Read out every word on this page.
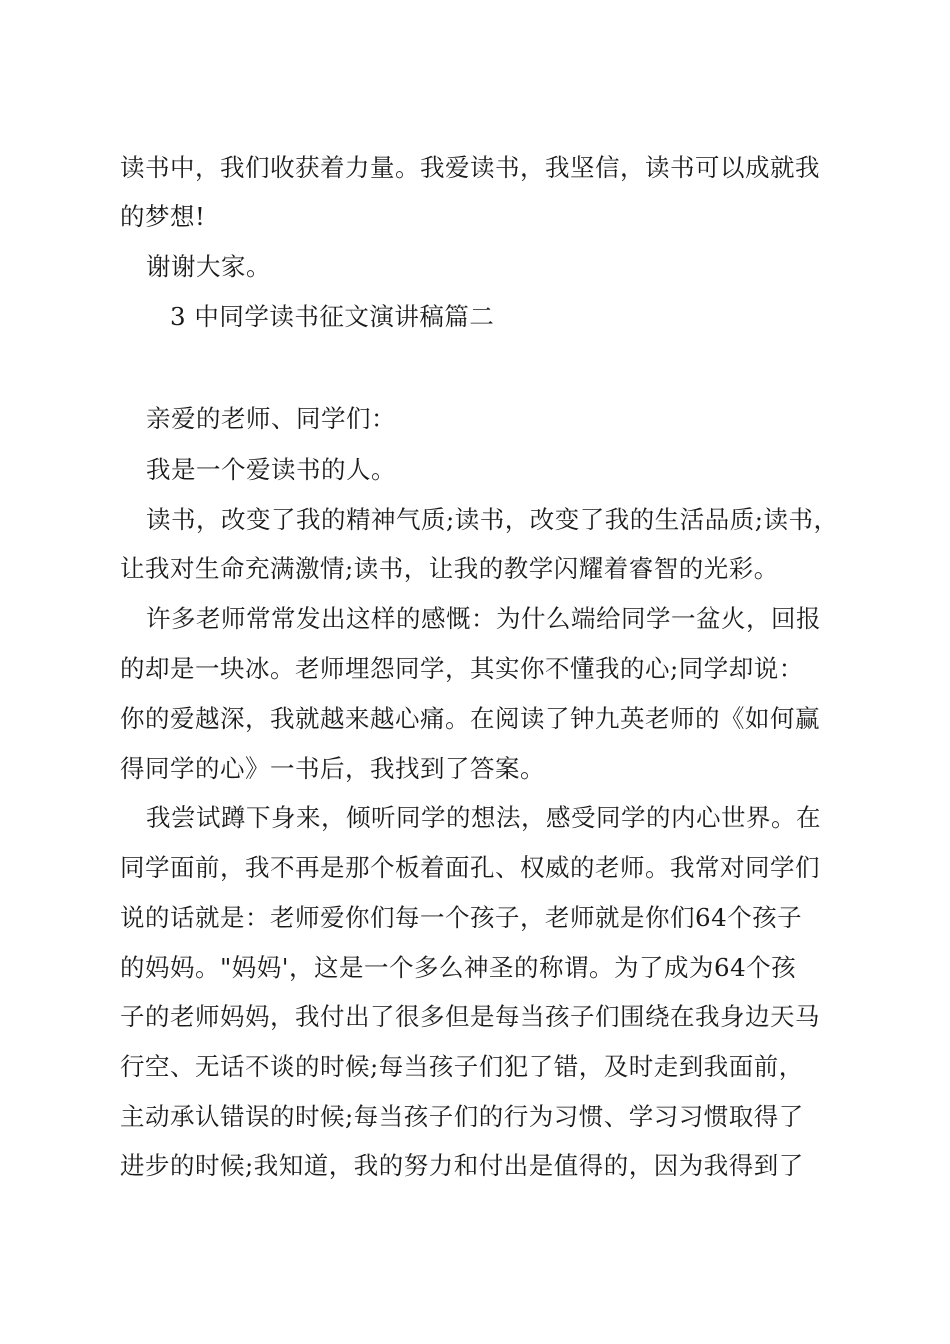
读书中，我们收获着力量。我爱读书，我坚信，读书可以成就我
的梦想!
谢谢大家。
3 中同学读书征文演讲稿篇二
亲爱的老师、同学们：
我是一个爱读书的人。
读书，改变了我的精神气质;读书，改变了我的生活品质;读书，
让我对生命充满激情;读书，让我的教学闪耀着睿智的光彩。
许多老师常常发出这样的感慨：为什么端给同学一盆火，回报
的却是一块冰。老师埋怨同学，其实你不懂我的心;同学却说：
你的爱越深，我就越来越心痛。在阅读了钟九英老师的《如何赢
得同学的心》一书后，我找到了答案。
我尝试蹲下身来，倾听同学的想法，感受同学的内心世界。在
同学面前，我不再是那个板着面孔、权威的老师。我常对同学们
说的话就是：老师爱你们每一个孩子，老师就是你们64个孩子
的妈妈。"妈妈'，这是一个多么神圣的称谓。为了成为64个孩
子的老师妈妈，我付出了很多但是每当孩子们围绕在我身边天马
行空、无话不谈的时候;每当孩子们犯了错，及时走到我面前，
主动承认错误的时候;每当孩子们的行为习惯、学习习惯取得了
进步的时候;我知道，我的努力和付出是值得的，因为我得到了
